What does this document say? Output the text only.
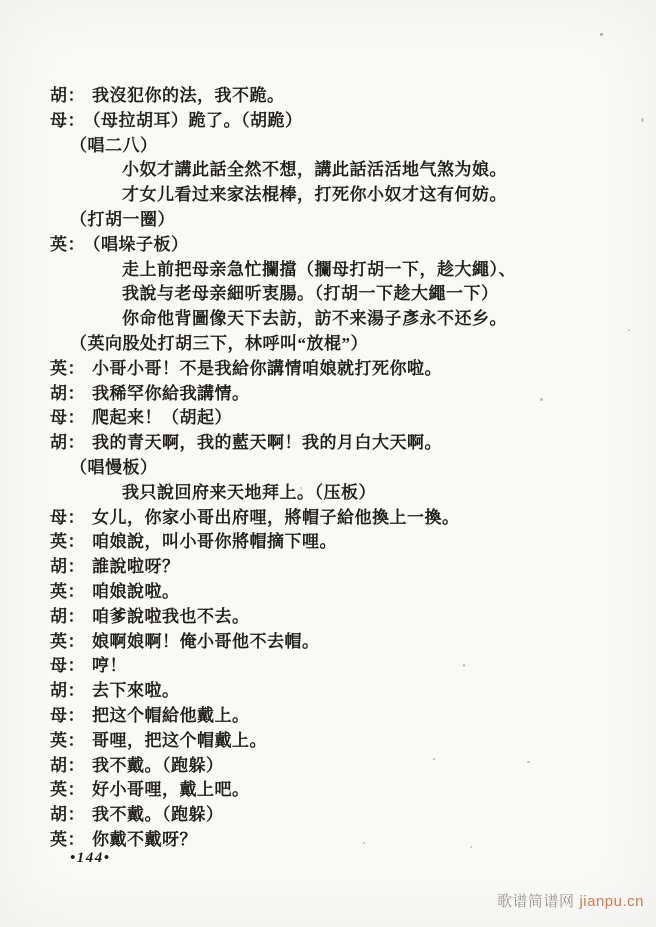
胡： 我沒犯你的法，我不跪。
母： （母拉胡耳）跪了。（胡跪）
（唱二八）
小奴才講此話全然不想，講此話活活地气煞为娘。
才女儿看过来家法棍棒，打死你小奴才这有何妨。
（打胡一圈）
英： （唱垛子板）
走上前把母亲急忙攔擋（攔母打胡一下，趁大繩）、
我說与老母亲細听衷腸。（打胡一下趁大繩一下）
你命他背圖像天下去訪，訪不来湯子彥永不还乡。
（英向股处打胡三下，林呼叫“放棍”）
英： 小哥小哥！不是我給你講情咱娘就打死你啦。
胡： 我稀罕你給我講情。
母： 爬起来！（胡起）
胡： 我的青天啊，我的藍天啊！我的月白大天啊。
（唱慢板）
我只說回府来天地拜上。（压板）
母： 女儿，你家小哥出府哩，將帽子給他換上一換。
英： 咱娘說，叫小哥你將帽摘下哩。
胡： 誰說啦呀？
英： 咱娘說啦。
胡： 咱爹說啦我也不去。
英： 娘啊娘啊！俺小哥他不去帽。
母： 哼！
胡： 去下來啦。
母： 把这个帽給他戴上。
英： 哥哩，把这个帽戴上。
胡： 我不戴。（跑躲）
英： 好小哥哩，戴上吧。
胡： 我不戴。（跑躲）
英： 你戴不戴呀？
•144•
歌谱简谱网 jianpu.cn
